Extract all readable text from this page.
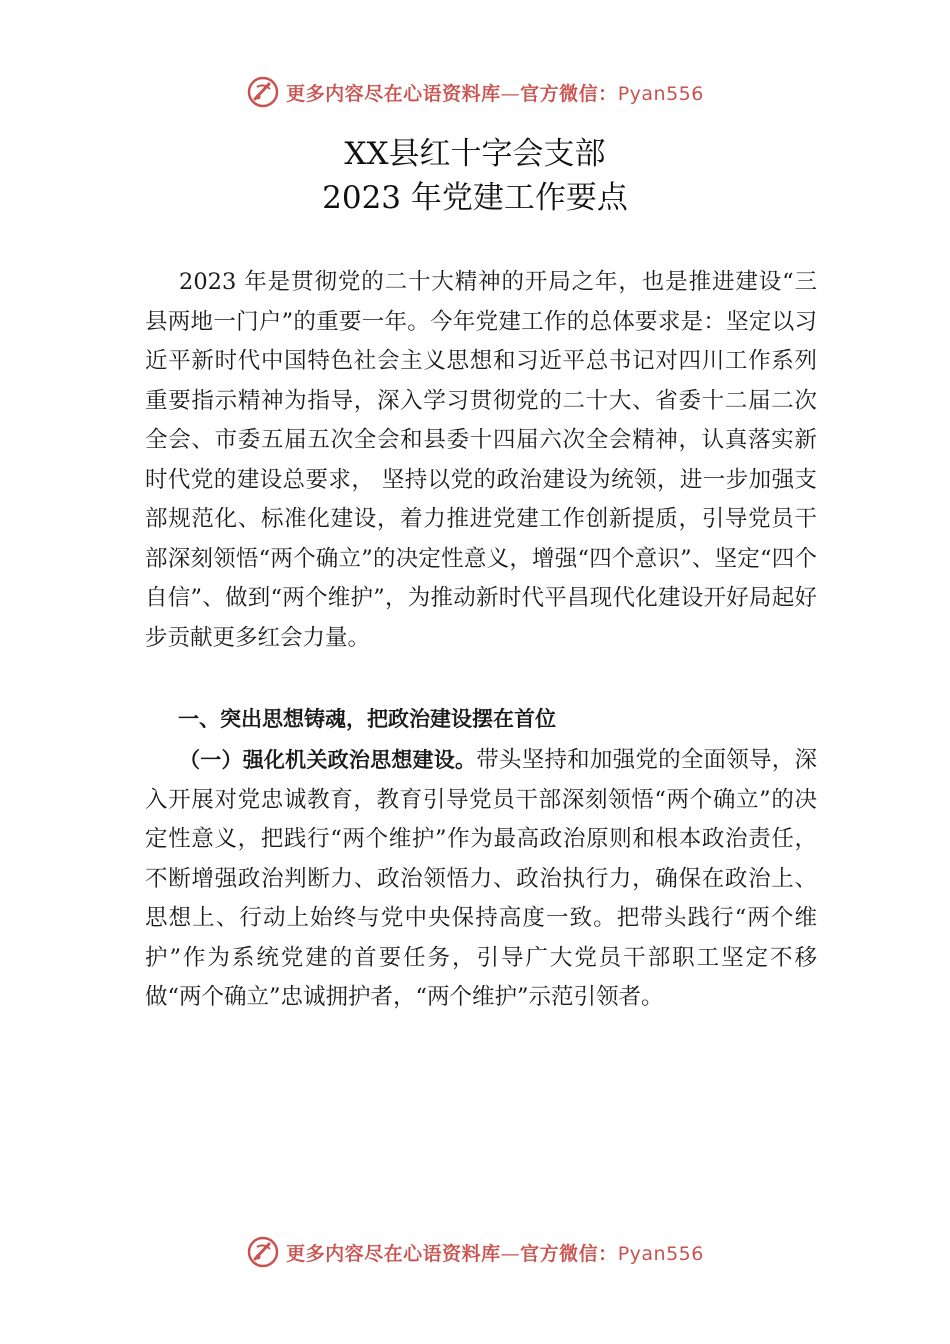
更多内容尽在心语资料库—官方微信：Pyan556
XX县红十字会支部
2023 年党建工作要点

2023 年是贯彻党的二十大精神的开局之年，也是推进建设“三县两地一门户”的重要一年。今年党建工作的总体要求是：坚定以习近平新时代中国特色社会主义思想和习近平总书记对四川工作系列重要指示精神为指导，深入学习贯彻党的二十大、省委十二届二次全会、市委五届五次全会和县委十四届六次全会精神，认真落实新时代党的建设总要求， 坚持以党的政治建设为统领，进一步加强支部规范化、标准化建设，着力推进党建工作创新提质，引导党员干部深刻领悟“两个确立”的决定性意义，增强“四个意识”、坚定“四个自信”、做到“两个维护”，为推动新时代平昌现代化建设开好局起好步贡献更多红会力量。

一、突出思想铸魂，把政治建设摆在首位

（一）强化机关政治思想建设。带头坚持和加强党的全面领导，深入开展对党忠诚教育，教育引导党员干部深刻领悟“两个确立”的决定性意义，把践行“两个维护”作为最高政治原则和根本政治责任，不断增强政治判断力、政治领悟力、政治执行力，确保在政治上、思想上、行动上始终与党中央保持高度一致。把带头践行“两个维护”作为系统党建的首要任务，引导广大党员干部职工坚定不移做“两个确立”忠诚拥护者，“两个维护”示范引领者。

更多内容尽在心语资料库—官方微信：Pyan556
